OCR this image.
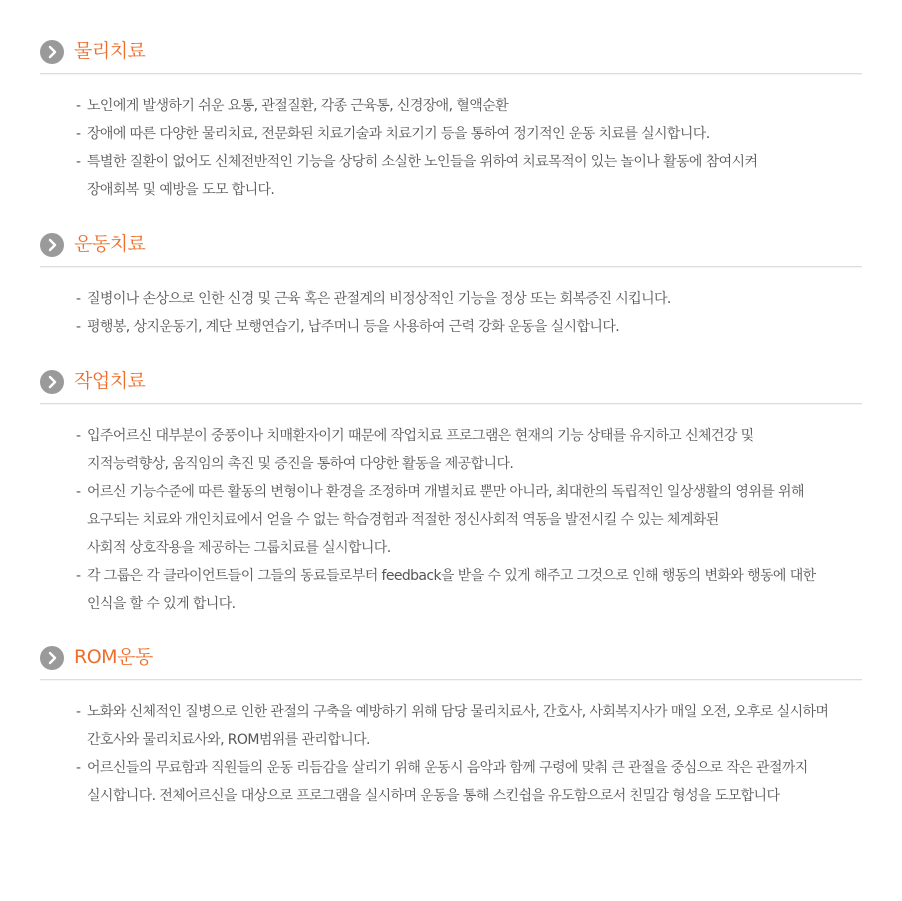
물리치료
- 노인에게 발생하기 쉬운 요통, 관절질환, 각종 근육통, 신경장애, 혈액순환
- 장애에 따른 다양한 물리치료, 전문화된 치료기술과 치료기기 등을 통하여 정기적인 운동 치료를 실시합니다.
- 특별한 질환이 없어도 신체전반적인 기능을 상당히 소실한 노인들을 위하여 치료목적이 있는 놀이나 활동에 참여시켜
장애회복 및 예방을 도모 합니다.
운동치료
- 질병이나 손상으로 인한 신경 및 근육 혹은 관절계의 비정상적인 기능을 정상 또는 회복증진 시킵니다.
- 평행봉, 상지운동기, 계단 보행연습기, 납주머니 등을 사용하여 근력 강화 운동을 실시합니다.
작업치료
- 입주어르신 대부분이 중풍이나 치매환자이기 때문에 작업치료 프로그램은 현재의 기능 상태를 유지하고 신체건강 및
지적능력향상, 움직임의 촉진 및 증진을 통하여 다양한 활동을 제공합니다.
- 어르신 기능수준에 따른 활동의 변형이나 환경을 조정하며 개별치료 뿐만 아니라, 최대한의 독립적인 일상생활의 영위를 위해
요구되는 치료와 개인치료에서 얻을 수 없는 학습경험과 적절한 정신사회적 역동을 발전시킬 수 있는 체계화된
사회적 상호작용을 제공하는 그룹치료를 실시합니다.
- 각 그룹은 각 클라이언트들이 그들의 동료들로부터 feedback을 받을 수 있게 해주고 그것으로 인해 행동의 변화와 행동에 대한
인식을 할 수 있게 합니다.
ROM운동
- 노화와 신체적인 질병으로 인한 관절의 구축을 예방하기 위해 담당 물리치료사, 간호사, 사회복지사가 매일 오전, 오후로 실시하며
간호사와 물리치료사와, ROM범위를 관리합니다.
- 어르신들의 무료함과 직원들의 운동 리듬감을 살리기 위해 운동시 음악과 함께 구령에 맞춰 큰 관절을 중심으로 작은 관절까지
실시합니다. 전체어르신을 대상으로 프로그램을 실시하며 운동을 통해 스킨쉽을 유도함으로서 친밀감 형성을 도모합니다
